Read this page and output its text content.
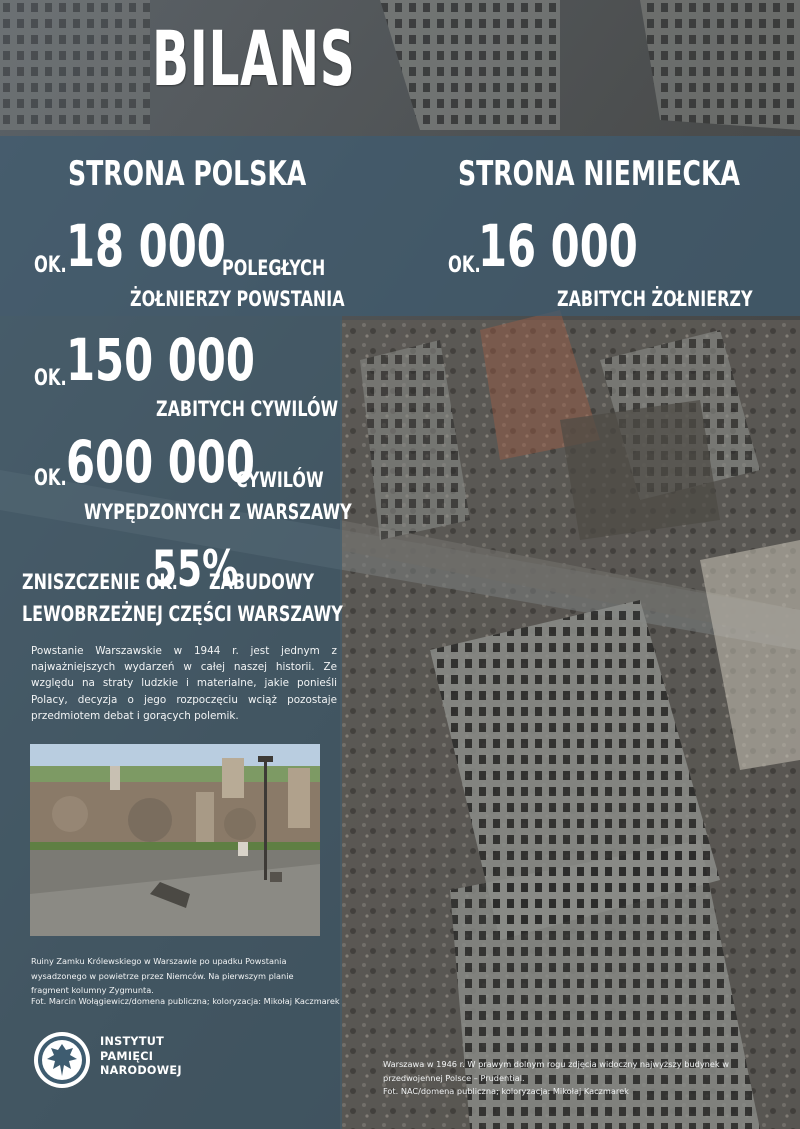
BILANS
STRONA POLSKA
OK. 18 000
POLEGŁYCH
ŻOŁNIERZY POWSTANIA
OK. 150 000
ZABITYCH CYWILÓW
OK. 600 000
CYWILÓW
WYPĘDZONYCH Z WARSZAWY
ZNISZCZENIE OK.
55%
ZABUDOWY
LEWOBRZEŻNEJ CZĘŚCI WARSZAWY
STRONA NIEMIECKA
OK.
16 000
ZABITYCH ŻOŁNIERZY
Powstanie Warszawskie w 1944 r. jest jednym z najważniejszych wydarzeń w całej naszej historii. Ze względu na straty ludzkie i materialne, jakie ponieśli Polacy, decyzja o jego rozpoczęciu wciąż pozostaje przedmiotem debat i gorących polemik.
Ruiny Zamku Królewskiego w Warszawie po upadku Powstania wysadzonego w powietrze przez Niemców. Na pierwszym planie fragment kolumny Zygmunta.
Fot. Marcin Wołągiewicz/domena publiczna; koloryzacja: Mikołaj Kaczmarek
INSTYTUT
PAMIĘCI
NARODOWEJ	Warszawa w 1946 r. W prawym dolnym rogu zdjęcia widoczny najwyższy budynek w przedwojennej Polsce – Prudential.
Fot. NAC/domena publiczna; koloryzacja: Mikołaj Kaczmarek
